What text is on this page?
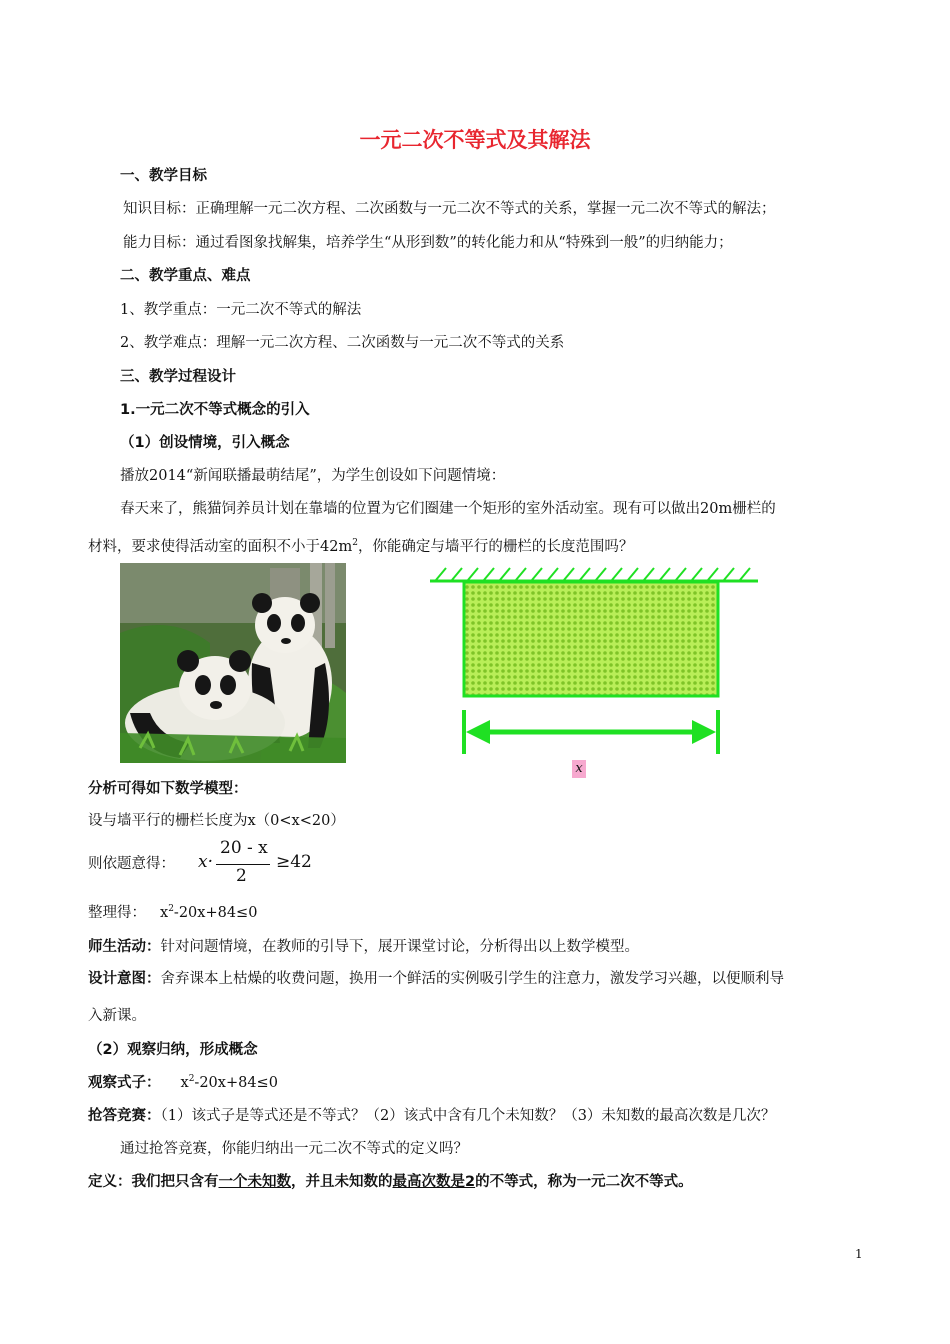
一元二次不等式及其解法
一、教学目标
知识目标：正确理解一元二次方程、二次函数与一元二次不等式的关系，掌握一元二次不等式的解法；
能力目标：通过看图象找解集，培养学生“从形到数”的转化能力和从“特殊到一般”的归纳能力；
二、教学重点、难点
1、教学重点：一元二次不等式的解法
2、教学难点：理解一元二次方程、二次函数与一元二次不等式的关系
三、教学过程设计
1.一元二次不等式概念的引入
（1）创设情境，引入概念
播放2014“新闻联播最萌结尾”，为学生创设如下问题情境：
春天来了，熊猫饲养员计划在靠墙的位置为它们圈建一个矩形的室外活动室。现有可以做出20m栅栏的
材料，要求使得活动室的面积不小于$42m^2$，你能确定与墙平行的栅栏的长度范围吗？
x
分析可得如下数学模型：
设与墙平行的栅栏长度为x（0<x<20）
则依题意得： x·
20 - x
2
≥42
整理得： $x^2-20x+84\le 0$
师生活动：针对问题情境，在教师的引导下，展开课堂讨论，分析得出以上数学模型。
设计意图：舍弃课本上枯燥的收费问题，换用一个鲜活的实例吸引学生的注意力，激发学习兴趣，以便顺利导
入新课。
（2）观察归纳，形成概念
观察式子： $x^2-20x+84\le 0$
抢答竞赛：（1）该式子是等式还是不等式？（2）该式中含有几个未知数？（3）未知数的最高次数是几次？
通过抢答竞赛，你能归纳出一元二次不等式的定义吗？
定义：我们把只含有一个未知数，并且未知数的最高次数是2的不等式，称为一元二次不等式。
1
